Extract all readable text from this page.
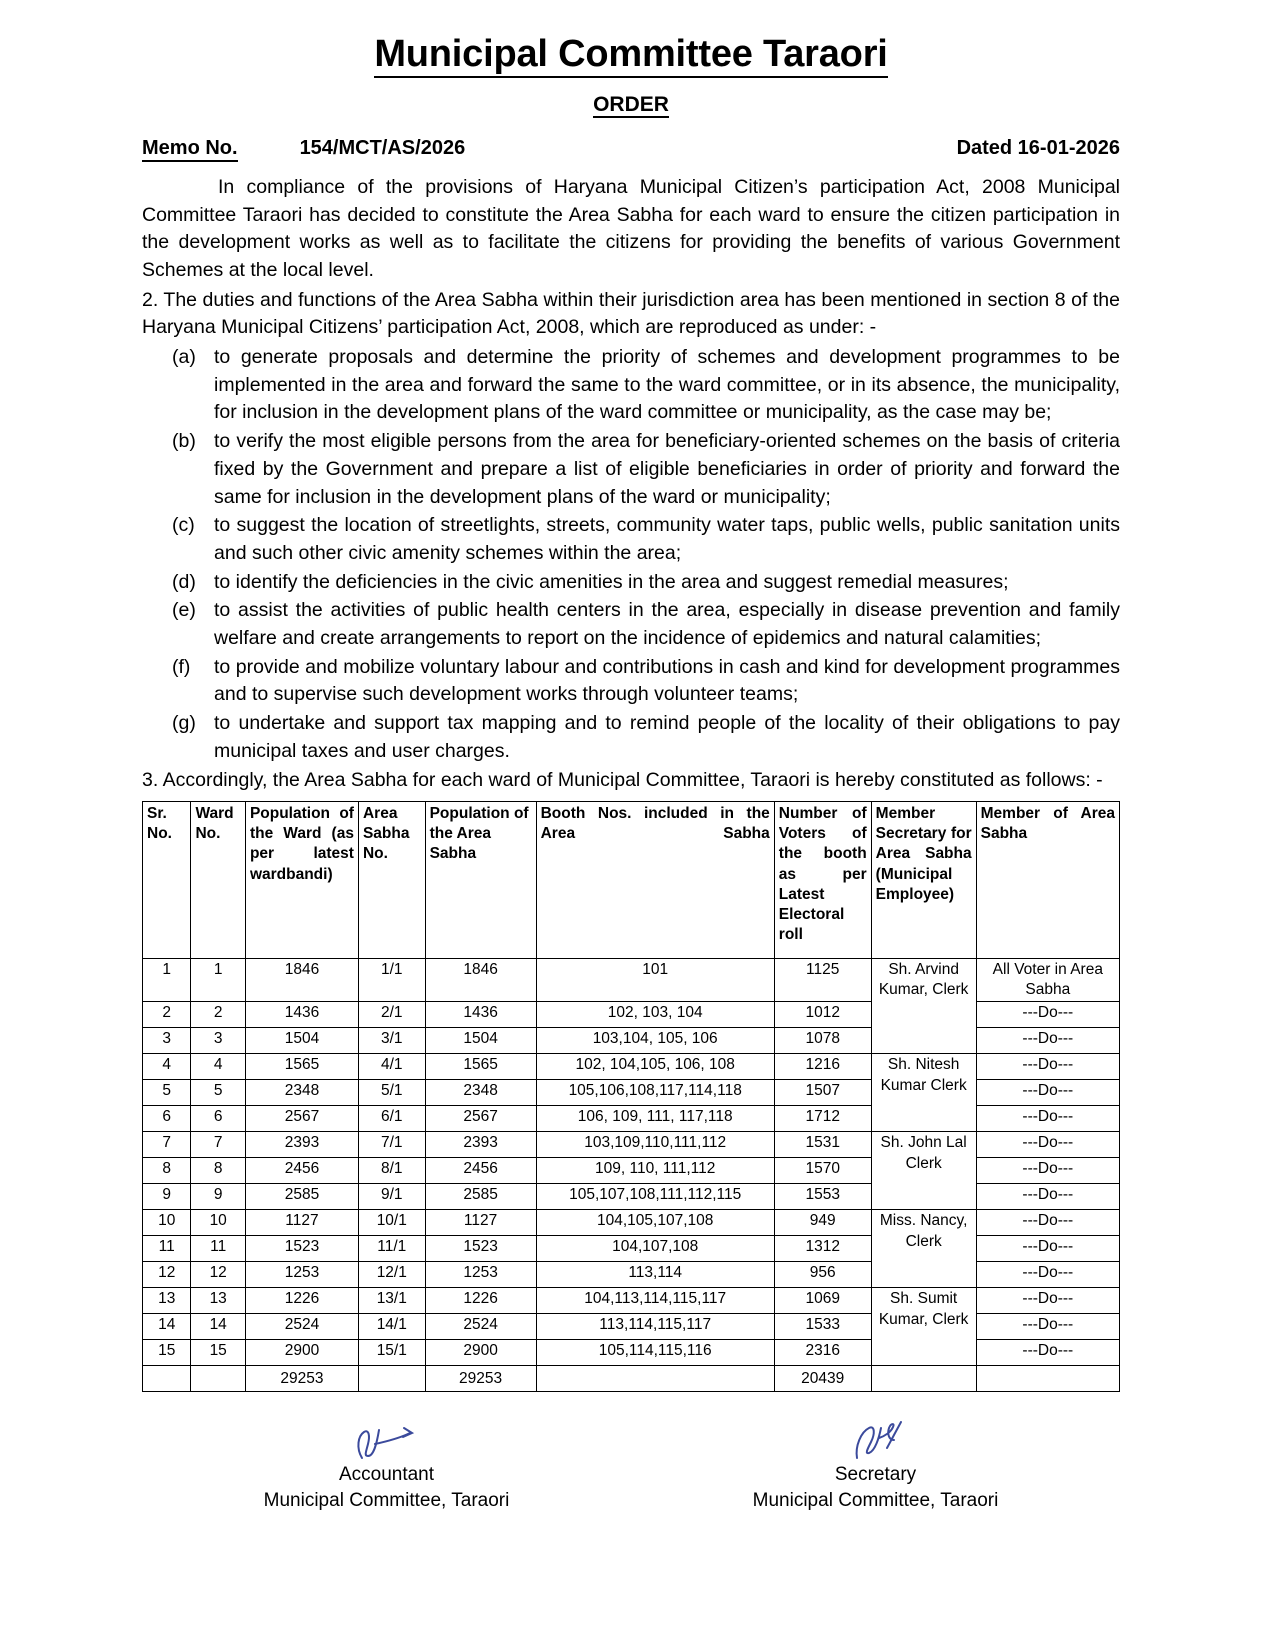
Municipal Committee Taraori
ORDER
Memo No.	154/MCT/AS/2026	Dated 16-01-2026

In compliance of the provisions of Haryana Municipal Citizen’s participation Act, 2008 Municipal Committee Taraori has decided to constitute the Area Sabha for each ward to ensure the citizen participation in the development works as well as to facilitate the citizens for providing the benefits of various Government Schemes at the local level.

2. The duties and functions of the Area Sabha within their jurisdiction area has been mentioned in section 8 of the Haryana Municipal Citizens’ participation Act, 2008, which are reproduced as under: -

(a) to generate proposals and determine the priority of schemes and development programmes to be implemented in the area and forward the same to the ward committee, or in its absence, the municipality, for inclusion in the development plans of the ward committee or municipality, as the case may be;
(b) to verify the most eligible persons from the area for beneficiary-oriented schemes on the basis of criteria fixed by the Government and prepare a list of eligible beneficiaries in order of priority and forward the same for inclusion in the development plans of the ward or municipality;
(c) to suggest the location of streetlights, streets, community water taps, public wells, public sanitation units and such other civic amenity schemes within the area;
(d) to identify the deficiencies in the civic amenities in the area and suggest remedial measures;
(e) to assist the activities of public health centers in the area, especially in disease prevention and family welfare and create arrangements to report on the incidence of epidemics and natural calamities;
(f)	to provide and mobilize voluntary labour and contributions in cash and kind for development programmes and to supervise such development works through volunteer teams;
(g) to undertake and support tax mapping and to remind people of the locality of their obligations to pay municipal taxes and user charges.

3. Accordingly, the Area Sabha for each ward of Municipal Committee, Taraori is hereby constituted as follows: -

Sr. No.	Ward No.	Population of the Ward (as per latest wardbandi)	Area Sabha No.	Population of the Area Sabha	Booth Nos. included in the Area Sabha	Number of Voters of the booth as per Latest Electoral roll	Member Secretary for Area Sabha (Municipal Employee)	Member of Area Sabha
1	1	1846	1/1	1846	101	1125	Sh. Arvind Kumar, Clerk	All Voter in Area Sabha
2	2	1436	2/1	1436	102, 103, 104	1012		---Do---
3	3	1504	3/1	1504	103,104, 105, 106	1078		---Do---
4	4	1565	4/1	1565	102, 104,105, 106, 108	1216	Sh. Nitesh Kumar Clerk	---Do---
5	5	2348	5/1	2348	105,106,108,117,114,118	1507		---Do---
6	6	2567	6/1	2567	106, 109, 111, 117,118	1712		---Do---
7	7	2393	7/1	2393	103,109,110,111,112	1531	Sh. John Lal Clerk	---Do---
8	8	2456	8/1	2456	109, 110, 111,112	1570		---Do---
9	9	2585	9/1	2585	105,107,108,111,112,115	1553		---Do---
10	10	1127	10/1	1127	104,105,107,108	949	Miss. Nancy, Clerk	---Do---
11	11	1523	11/1	1523	104,107,108	1312		---Do---
12	12	1253	12/1	1253	113,114	956		---Do---
13	13	1226	13/1	1226	104,113,114,115,117	1069	Sh. Sumit Kumar, Clerk	---Do---
14	14	2524	14/1	2524	113,114,115,117	1533		---Do---
15	15	2900	15/1	2900	105,114,115,116	2316		---Do---
		29253		29253		20439		
Accountant
Municipal Committee, Taraori
Secretary
Municipal Committee, Taraori
